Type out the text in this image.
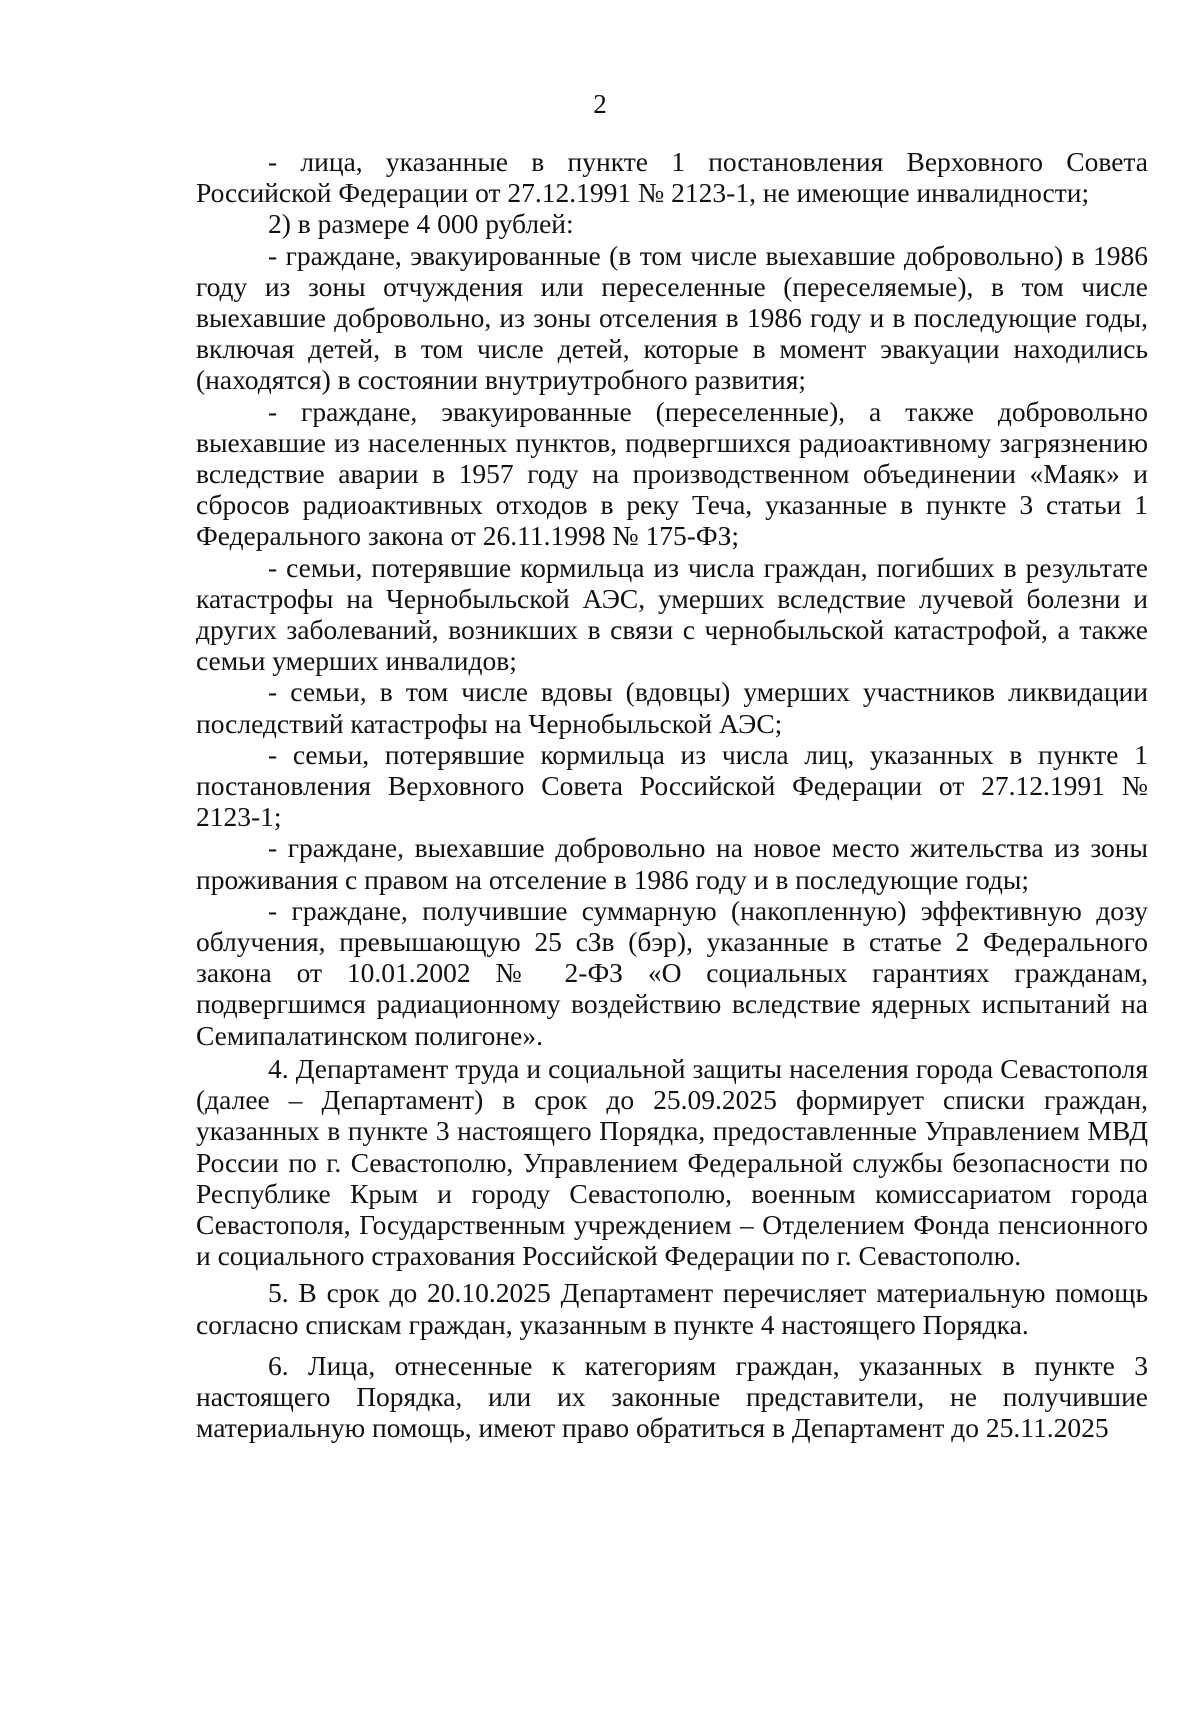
2

- лица, указанные в пункте 1 постановления Верховного Совета Российской Федерации от 27.12.1991 № 2123-1, не имеющие инвалидности;

2) в размере 4 000 рублей:

- граждане, эвакуированные (в том числе выехавшие добровольно) в 1986 году из зоны отчуждения или переселенные (переселяемые), в том числе выехавшие добровольно, из зоны отселения в 1986 году и в последующие годы, включая детей, в том числе детей, которые в момент эвакуации находились (находятся) в состоянии внутриутробного развития;

- граждане, эвакуированные (переселенные), а также добровольно выехавшие из населенных пунктов, подвергшихся радиоактивному загрязнению вследствие аварии в 1957 году на производственном объединении «Маяк» и сбросов радиоактивных отходов в реку Теча, указанные в пункте 3 статьи 1 Федерального закона от 26.11.1998 № 175-ФЗ;

- семьи, потерявшие кормильца из числа граждан, погибших в результате катастрофы на Чернобыльской АЭС, умерших вследствие лучевой болезни и других заболеваний, возникших в связи с чернобыльской катастрофой, а также семьи умерших инвалидов;

- семьи, в том числе вдовы (вдовцы) умерших участников ликвидации последствий катастрофы на Чернобыльской АЭС;

- семьи, потерявшие кормильца из числа лиц, указанных в пункте 1 постановления Верховного Совета Российской Федерации от 27.12.1991 № 2123-1;

- граждане, выехавшие добровольно на новое место жительства из зоны проживания с правом на отселение в 1986 году и в последующие годы;

- граждане, получившие суммарную (накопленную) эффективную дозу облучения, превышающую 25 сЗв (бэр), указанные в статье 2 Федерального закона от 10.01.2002 № 2-ФЗ «О социальных гарантиях гражданам, подвергшимся радиационному воздействию вследствие ядерных испытаний на Семипалатинском полигоне».

4. Департамент труда и социальной защиты населения города Севастополя (далее – Департамент) в срок до 25.09.2025 формирует списки граждан, указанных в пункте 3 настоящего Порядка, предоставленные Управлением МВД России по г. Севастополю, Управлением Федеральной службы безопасности по Республике Крым и городу Севастополю, военным комиссариатом города Севастополя, Государственным учреждением – Отделением Фонда пенсионного и социального страхования Российской Федерации по г. Севастополю.

5. В срок до 20.10.2025 Департамент перечисляет материальную помощь согласно спискам граждан, указанным в пункте 4 настоящего Порядка.

6. Лица, отнесенные к категориям граждан, указанных в пункте 3 настоящего Порядка, или их законные представители, не получившие материальную помощь, имеют право обратиться в Департамент до 25.11.2025
